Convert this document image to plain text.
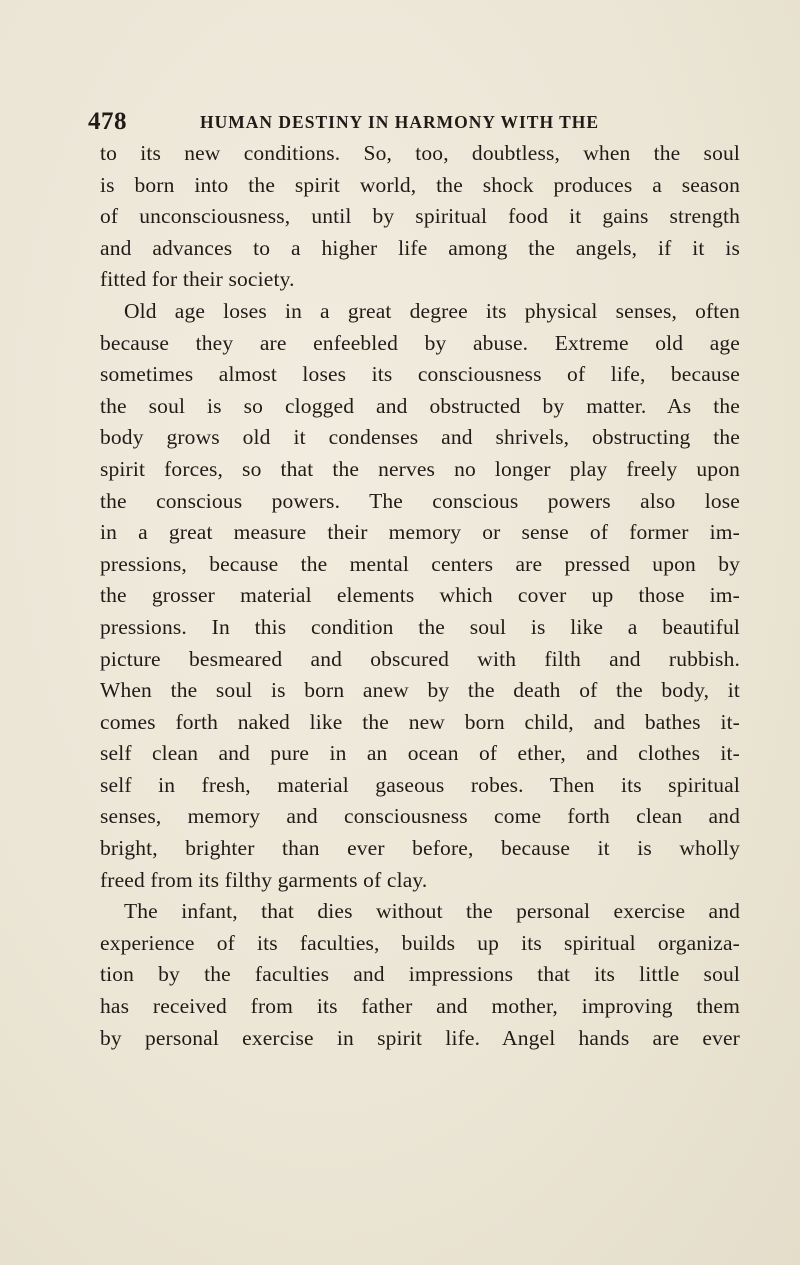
478	HUMAN DESTINY IN HARMONY WITH THE
to its new conditions. So, too, doubtless, when the soul
is born into the spirit world, the shock produces a season
of unconsciousness, until by spiritual food it gains strength
and advances to a higher life among the angels, if it is
fitted for their society.
Old age loses in a great degree its physical senses, often
because they are enfeebled by abuse. Extreme old age
sometimes almost loses its consciousness of life, because
the soul is so clogged and obstructed by matter. As the
body grows old it condenses and shrivels, obstructing the
spirit forces, so that the nerves no longer play freely upon
the conscious powers. The conscious powers also lose
in a great measure their memory or sense of former im-
pressions, because the mental centers are pressed upon by
the grosser material elements which cover up those im-
pressions. In this condition the soul is like a beautiful
picture besmeared and obscured with filth and rubbish.
When the soul is born anew by the death of the body, it
comes forth naked like the new born child, and bathes it-
self clean and pure in an ocean of ether, and clothes it-
self in fresh, material gaseous robes. Then its spiritual
senses, memory and consciousness come forth clean and
bright, brighter than ever before, because it is wholly
freed from its filthy garments of clay.
The infant, that dies without the personal exercise and
experience of its faculties, builds up its spiritual organiza-
tion by the faculties and impressions that its little soul
has received from its father and mother, improving them
by personal exercise in spirit life. Angel hands are ever
